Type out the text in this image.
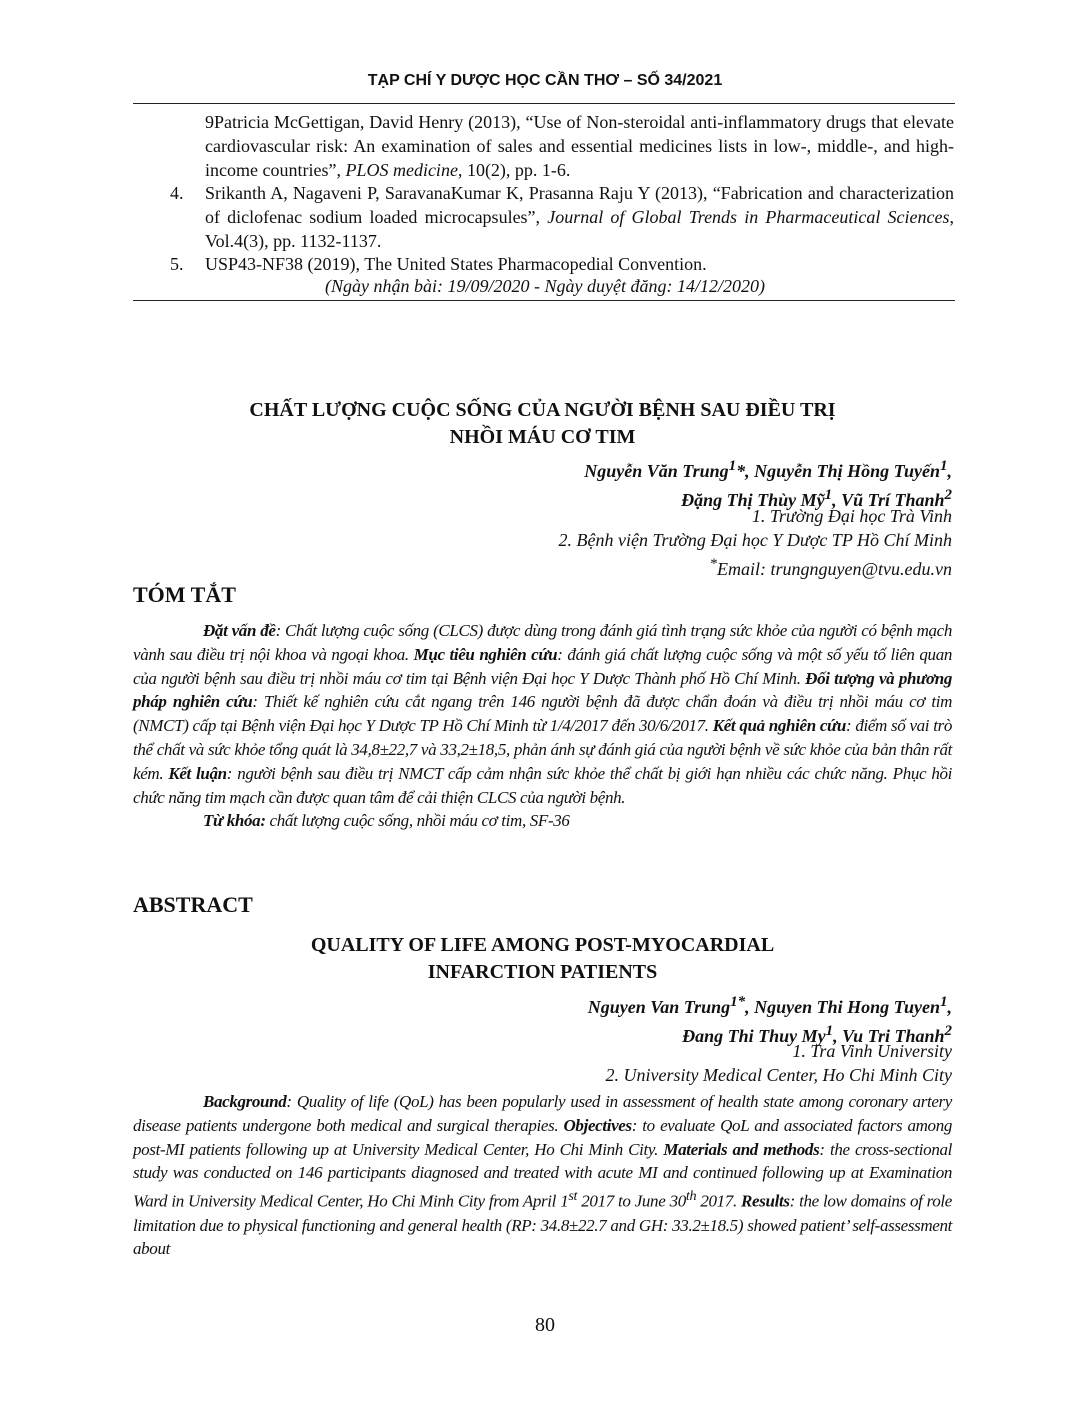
TẠP CHÍ Y DƯỢC HỌC CẦN THƠ – SỐ 34/2021
9Patricia McGettigan, David Henry (2013), “Use of Non-steroidal anti-inflammatory drugs that elevate cardiovascular risk: An examination of sales and essential medicines lists in low-, middle-, and high-income countries”, PLOS medicine, 10(2), pp. 1-6.
4. Srikanth A, Nagaveni P, SaravanaKumar K, Prasanna Raju Y (2013), “Fabrication and characterization of diclofenac sodium loaded microcapsules”, Journal of Global Trends in Pharmaceutical Sciences, Vol.4(3), pp. 1132-1137.
5. USP43-NF38 (2019), The United States Pharmacopedial Convention.
(Ngày nhận bài: 19/09/2020 - Ngày duyệt đăng: 14/12/2020)
CHẤT LƯỢNG CUỘC SỐNG CỦA NGƯỜI BỆNH SAU ĐIỀU TRỊ
NHỒI MÁU CƠ TIM
Nguyễn Văn Trung$^1$*, Nguyễn Thị Hồng Tuyến$^1$,
Đặng Thị Thùy Mỹ$^1$, Vũ Trí Thanh$^2$
1. Trường Đại học Trà Vinh
2. Bệnh viện Trường Đại học Y Dược TP Hồ Chí Minh
*Email: trungnguyen@tvu.edu.vn
TÓM TẮT
Đặt vấn đề: Chất lượng cuộc sống (CLCS) được dùng trong đánh giá tình trạng sức khỏe của người có bệnh mạch vành sau điều trị nội khoa và ngoại khoa. Mục tiêu nghiên cứu: đánh giá chất lượng cuộc sống và một số yếu tố liên quan của người bệnh sau điều trị nhồi máu cơ tim tại Bệnh viện Đại học Y Dược Thành phố Hồ Chí Minh. Đối tượng và phương pháp nghiên cứu: Thiết kế nghiên cứu cắt ngang trên 146 người bệnh đã được chẩn đoán và điều trị nhồi máu cơ tim (NMCT) cấp tại Bệnh viện Đại học Y Dược TP Hồ Chí Minh từ 1/4/2017 đến 30/6/2017. Kết quả nghiên cứu: điểm số vai trò thể chất và sức khỏe tổng quát là 34,8±22,7 và 33,2±18,5, phản ánh sự đánh giá của người bệnh về sức khỏe của bản thân rất kém. Kết luận: người bệnh sau điều trị NMCT cấp cảm nhận sức khỏe thể chất bị giới hạn nhiều các chức năng. Phục hồi chức năng tim mạch cần được quan tâm để cải thiện CLCS của người bệnh.
Từ khóa: chất lượng cuộc sống, nhồi máu cơ tim, SF-36
ABSTRACT
QUALITY OF LIFE AMONG POST-MYOCARDIAL
INFARCTION PATIENTS
Nguyen Van Trung$^{1*}$, Nguyen Thi Hong Tuyen$^1$,
Đang Thi Thuy My$^1$, Vu Tri Thanh$^2$
1. Tra Vinh University
2. University Medical Center, Ho Chi Minh City
Background: Quality of life (QoL) has been popularly used in assessment of health state among coronary artery disease patients undergone both medical and surgical therapies. Objectives: to evaluate QoL and associated factors among post-MI patients following up at University Medical Center, Ho Chi Minh City. Materials and methods: the cross-sectional study was conducted on 146 participants diagnosed and treated with acute MI and continued following up at Examination Ward in University Medical Center, Ho Chi Minh City from April 1st 2017 to June 30th 2017. Results: the low domains of role limitation due to physical functioning and general health (RP: 34.8±22.7 and GH: 33.2±18.5) showed patient’ self-assessment about
80
